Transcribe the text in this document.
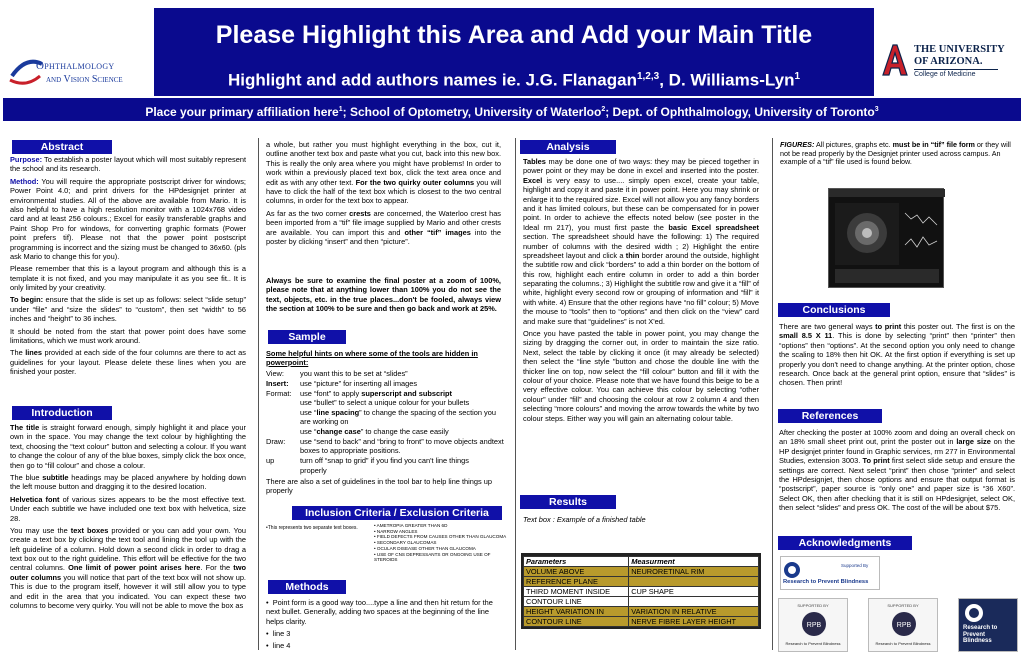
Please Highlight this Area and Add your Main Title
Highlight and add authors names ie. J.G. Flanagan$^{1,2,3}$, D. Williams-Lyn$^1$
Ophthalmology
and Vision Science
THE UNIVERSITY
OF ARIZONA.
College of Medicine
Place your primary affiliation here$^1$; School of Optometry, University of Waterloo$^2$; Dept. of Ophthalmology, University of Toronto$^3$
Abstract

Purpose: To establish a poster layout which will most suitably represent the school and its research.

Method: You will require the appropriate postscript driver for windows; Power Point 4.0; and print drivers for the HPdesignjet printer at environmental studies. All of the above are available from Mario. It is also helpful to have a high resolution monitor with a 1024x768 video card and at least 256 colours.; Excel for easily transferable graphs and Paint Shop Pro for windows, for converting graphic formats (Power point prefers tif). Please not that the power point postscript programming is incorrect and the sizing must be changed to 36x60. (pls ask Mario to change this for you).

Please remember that this is a layout program and although this is a template it is not fixed, and you may manipulate it as you see fit.. It is only limited by your creativity.

To begin: ensure that the slide is set up as follows: select “slide setup” under “file” and “size the slides” to “custom”, then set “width” to 56 inches and “height” to 36 inches.

It should be noted from the start that power point does have some limitations, which we must work around.

The lines provided at each side of the four columns are there to act as guidelines for your layout. Please delete these lines when you are finished your poster.

Introduction

The title is straight forward enough, simply highlight it and place your own in the space. You may change the text colour by highlighting the text, choosing the “text colour” button and selecting a colour. If you want to change the colour of any of the blue boxes, simply click the box once, then go to “fill colour” and chose a colour.

The blue subtitle headings may be placed anywhere by holding down the left mouse button and dragging it to the desired location.

Helvetica font of various sizes appears to be the most effective text. Under each subtitle we have included one text box with helvetica, size 28.

You may use the text boxes provided or you can add your own. You create a text box by clicking the text tool and lining the tool up with the left guideline of a column. Hold down a second click in order to drag a text box out to the right guideline. This effort will be effective for the two central columns. One limit of power point arises here. For the two outer columns you will notice that part of the text box will not show up. This is due to the program itself, however it will still allow you to type and edit in the area that you indicated. You can expect these two columns to become very quirky. You will not be able to move the box as

a whole, but rather you must highlight everything in the box, cut it, outline another text box and paste what you cut, back into this new box. This is really the only area where you might have problems! In order to work within a previously placed text box, click the text area once and edit as with any other text. For the two quirky outer columns you will have to click the half of the text box which is closest to the two central columns, in order for the text box to appear.

As far as the two corner crests are concerned, the Waterloo crest has been imported from a “tif” file image supplied by Mario and other crests are available. You can import this and other “tif” images into the poster by clicking “insert” and then “picture”.

Always be sure to examine the final poster at a zoom of 100%, please note that at anything lower than 100% you do not see the text, objects, etc. in the true places...don't be fooled, always view the section at 100% to be sure and then go back and work at 25%.
Sample
Some helpful hints on where some of the tools are hidden in powerpoint:
View:	you want this to be set at “slides”
Insert:	use “picture” for inserting all images
Format:	use “font” to apply superscript and subscript
use “bullet” to select a unique colour for your bullets
use “line spacing” to change the spacing of the section you are working on
use “change case” to change the case easily
Draw:	use “send to back” and “bring to front” to move objects andtext boxes to appropriate positions.
up	turn off “snap to grid” if you find you can't line things
properly
There are also a set of guidelines in the tool bar to help line things up properly
Inclusion Criteria / Exclusion Criteria
•This represents two separate text boxes.	• AMETROPIA GREATER THAN 6D
• NARROW ANGLES
• FIELD DEFECTS FROM CAUSES OTHER THAN GLAUCOMA
• SECONDARY GLAUCOMAS
• OCULAR DISEASE OTHER THAN GLAUCOMA
• USE OF CNS DEPRESSANTS OR ONGOING USE OF STEROIDS
Methods
•  Point form is a good way too....type a line and then hit return for the next bullet. Generally, adding two spaces at the beginning of the line helps clarity.
•  line 3
•  line 4
Analysis

Tables may be done one of two ways: they may be pieced together in power point or they may be done in excel and inserted into the poster. Excel is very easy to use.... simply open excel, create your table, highlight and copy it and paste it in power point. Here you may shrink or enlarge it to the required size. Excel will not allow you any fancy borders and it has limited colours, but these can be compensated for in power point. In order to achieve the effects noted below (see poster in the Ideal rm 217), you must first paste the basic Excel spreadsheet section. The spreadsheet should have the following: 1) The required number of columns with the desired width ; 2) Highlight the entire spreadsheet layout and click a thin border around the outside, highlight the subtitle row and click “borders” to add a thin border on the bottom of this row, highlight each entire column in order to add a thin border separating the columns.; 3) Highlight the subtitle row and give it a “fill” of white, highlight every second row or grouping of information and “fill” it with white. 4) Ensure that the other regions have “no fill” colour; 5) Move the mouse to “tools” then to “options” and then click on the “view” card and make sure that “guidelines” is not X'ed.

Once you have pasted the table in power point, you may change the sizing by dragging the corner out, in order to maintain the size ratio. Next, select the table by clicking it once (it may already be selected) then select the “line style ”button and chose the double line with the thicker line on top, now select the “fill colour” button and fill it with the colour of your choice. Please note that we have found this beige to be a very effective colour. You can achieve this colour by selecting “other colour” under “fill” and choosing the colour at row 2 column 4 and then selecting “more colours” and moving the arrow towards the white by two colour steps. Either way you will gain an alternating colour table.

Results
Text box : Example of a finished table
Parameters	Measurment
VOLUME ABOVE	NEURORETINAL RIM
REFERENCE PLANE	
THIRD MOMENT INSIDE	CUP SHAPE
CONTOUR LINE	
HEIGHT VARIATION IN	VARIATION IN RELATIVE
CONTOUR LINE	NERVE FIBRE LAYER HEIGHT
FIGURES: All pictures, graphs etc. must be in “tif” file form or they will not be read properly by the Designjet printer used across campus. An example of a “tif” file used is found below.
Conclusions
There are two general ways to print this poster out. The first is on the small 8.5 X 11. This is done by selecting “print” then “printer” then “options” then “options”. At the second option you only need to change the scaling to 18% then hit OK. At the first option if everything is set up properly you don't need to change anything. At the printer option, chose research. Once back at the general print option, ensure that “slides” is chosen. Then print!
References
After checking the poster at 100% zoom and doing an overall check on an 18% small sheet print out, print the poster out in large size on the HP designjet printer found in Graphic services, rm 277 in Environmental Studies, extension 3003. To print first select slide setup and ensure the settings are correct. Next select “print” then chose “printer” and select the HPdesignjet, then chose options and ensure that output format is “postscript”, paper source is “only one” and paper size is “36 X60”. Select OK, then after checking that it is still on HPdesignjet, select OK, then select “slides” and press OK. The cost of the will be about $75.
Acknowledgments
Supported By
Research to Prevent Blindness
SUPPORTED BY
RPB
Research to Prevent Blindness
SUPPORTED BY
RPB
Research to Prevent Blindness
Research to Prevent Blindness
